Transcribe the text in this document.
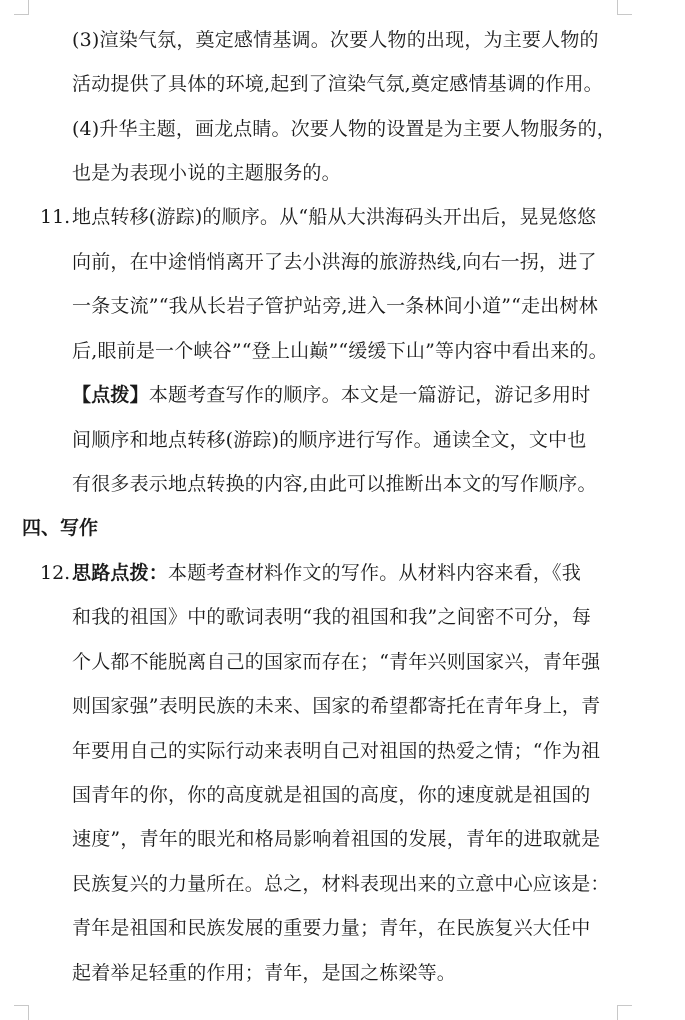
(3)渲染气氛，奠定感情基调。次要人物的出现，为主要人物的
活动提供了具体的环境,起到了渲染气氛,奠定感情基调的作用。
(4)升华主题，画龙点睛。次要人物的设置是为主要人物服务的，
也是为表现小说的主题服务的。
11. 地点转移(游踪)的顺序。从“船从大洪海码头开出后，晃晃悠悠
向前，在中途悄悄离开了去小洪海的旅游热线,向右一拐，进了
一条支流”“我从长岩子管护站旁,进入一条林间小道”“走出树林
后,眼前是一个峡谷”“登上山巅”“缓缓下山”等内容中看出来的。
【点拨】本题考查写作的顺序。本文是一篇游记，游记多用时
间顺序和地点转移(游踪)的顺序进行写作。通读全文，文中也
有很多表示地点转换的内容,由此可以推断出本文的写作顺序。
四、写作
12. 思路点拨：本题考查材料作文的写作。从材料内容来看，《我
和我的祖国》中的歌词表明“我的祖国和我”之间密不可分，每
个人都不能脱离自己的国家而存在；“青年兴则国家兴，青年强
则国家强”表明民族的未来、国家的希望都寄托在青年身上，青
年要用自己的实际行动来表明自己对祖国的热爱之情；“作为祖
国青年的你，你的高度就是祖国的高度，你的速度就是祖国的
速度”，青年的眼光和格局影响着祖国的发展，青年的进取就是
民族复兴的力量所在。总之，材料表现出来的立意中心应该是：
青年是祖国和民族发展的重要力量；青年，在民族复兴大任中
起着举足轻重的作用；青年，是国之栋梁等。
